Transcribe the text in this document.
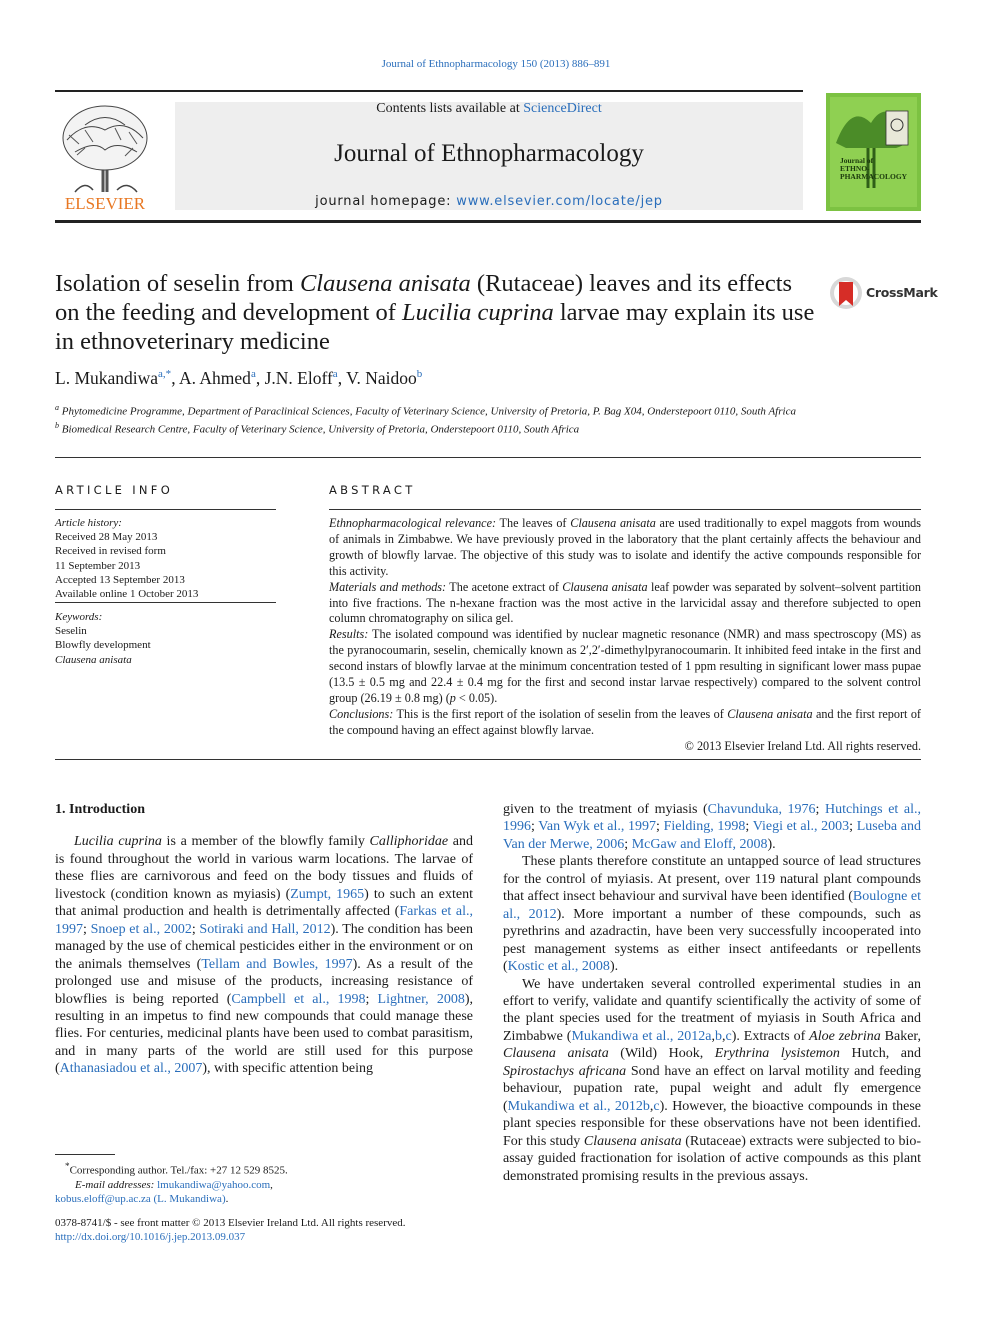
Journal of Ethnopharmacology 150 (2013) 886–891
ELSEVIER
Contents lists available at ScienceDirect
Journal of Ethnopharmacology
journal homepage: www.elsevier.com/locate/jep
Journal of ETHNO-PHARMACOLOGY
Isolation of seselin from Clausena anisata (Rutaceae) leaves and its effects on the feeding and development of Lucilia cuprina larvae may explain its use in ethnoveterinary medicine
CrossMark
L. Mukandiwa$^{a,*}$, A. Ahmed$^a$, J.N. Eloff$^a$, V. Naidoo$^b$
$^a$ Phytomedicine Programme, Department of Paraclinical Sciences, Faculty of Veterinary Science, University of Pretoria, P. Bag X04, Onderstepoort 0110, South Africa
$^b$ Biomedical Research Centre, Faculty of Veterinary Science, University of Pretoria, Onderstepoort 0110, South Africa
ARTICLE INFO
Article history:
Received 28 May 2013
Received in revised form
11 September 2013
Accepted 13 September 2013
Available online 1 October 2013
Keywords:
Seselin
Blowfly development
Clausena anisata
ABSTRACT

Ethnopharmacological relevance: The leaves of Clausena anisata are used traditionally to expel maggots from wounds of animals in Zimbabwe. We have previously proved in the laboratory that the plant certainly affects the behaviour and growth of blowfly larvae. The objective of this study was to isolate and identify the active compounds responsible for this activity.

Materials and methods: The acetone extract of Clausena anisata leaf powder was separated by solvent–solvent partition into five fractions. The n-hexane fraction was the most active in the larvicidal assay and therefore subjected to open column chromatography on silica gel.

Results: The isolated compound was identified by nuclear magnetic resonance (NMR) and mass spectroscopy (MS) as the pyranocoumarin, seselin, chemically known as 2′,2′-dimethylpyranocoumarin. It inhibited feed intake in the first and second instars of blowfly larvae at the minimum concentration tested of 1 ppm resulting in significant lower mass pupae (13.5 ± 0.5 mg and 22.4 ± 0.4 mg for the first and second instar larvae respectively) compared to the solvent control group (26.19 ± 0.8 mg) (p < 0.05).

Conclusions: This is the first report of the isolation of seselin from the leaves of Clausena anisata and the first report of the compound having an effect against blowfly larvae.

© 2013 Elsevier Ireland Ltd. All rights reserved.

1. Introduction

Lucilia cuprina is a member of the blowfly family Calliphoridae and is found throughout the world in various warm locations. The larvae of these flies are carnivorous and feed on the body tissues and fluids of livestock (condition known as myiasis) (Zumpt, 1965) to such an extent that animal production and health is detrimentally affected (Farkas et al., 1997; Snoep et al., 2002; Sotiraki and Hall, 2012). The condition has been managed by the use of chemical pesticides either in the environment or on the animals themselves (Tellam and Bowles, 1997). As a result of the prolonged use and misuse of the products, increasing resistance of blowflies is being reported (Campbell et al., 1998; Lightner, 2008), resulting in an impetus to find new compounds that could manage these flies. For centuries, medicinal plants have been used to combat parasitism, and in many parts of the world are still used for this purpose (Athanasiadou et al., 2007), with specific attention being

given to the treatment of myiasis (Chavunduka, 1976; Hutchings et al., 1996; Van Wyk et al., 1997; Fielding, 1998; Viegi et al., 2003; Luseba and Van der Merwe, 2006; McGaw and Eloff, 2008).

These plants therefore constitute an untapped source of lead structures for the control of myiasis. At present, over 119 natural plant compounds that affect insect behaviour and survival have been identified (Boulogne et al., 2012). More important a number of these compounds, such as pyrethrins and azadractin, have been very successfully incooperated into pest management systems as either insect antifeedants or repellents (Kostic et al., 2008).

We have undertaken several controlled experimental studies in an effort to verify, validate and quantify scientifically the activity of some of the plant species used for the treatment of myiasis in South Africa and Zimbabwe (Mukandiwa et al., 2012a,b,c). Extracts of Aloe zebrina Baker, Clausena anisata (Wild) Hook, Erythrina lysistemon Hutch, and Spirostachys africana Sond have an effect on larval motility and feeding behaviour, pupation rate, pupal weight and adult fly emergence (Mukandiwa et al., 2012b,c). However, the bioactive compounds in these plant species responsible for these observations have not been identified. For this study Clausena anisata (Rutaceae) extracts were subjected to bio-assay guided fractionation for isolation of active compounds as this plant demonstrated promising results in the previous assays.

*Corresponding author. Tel./fax: +27 12 529 8525.
E-mail addresses: lmukandiwa@yahoo.com,
kobus.eloff@up.ac.za (L. Mukandiwa).
0378-8741/$ - see front matter © 2013 Elsevier Ireland Ltd. All rights reserved.
http://dx.doi.org/10.1016/j.jep.2013.09.037
